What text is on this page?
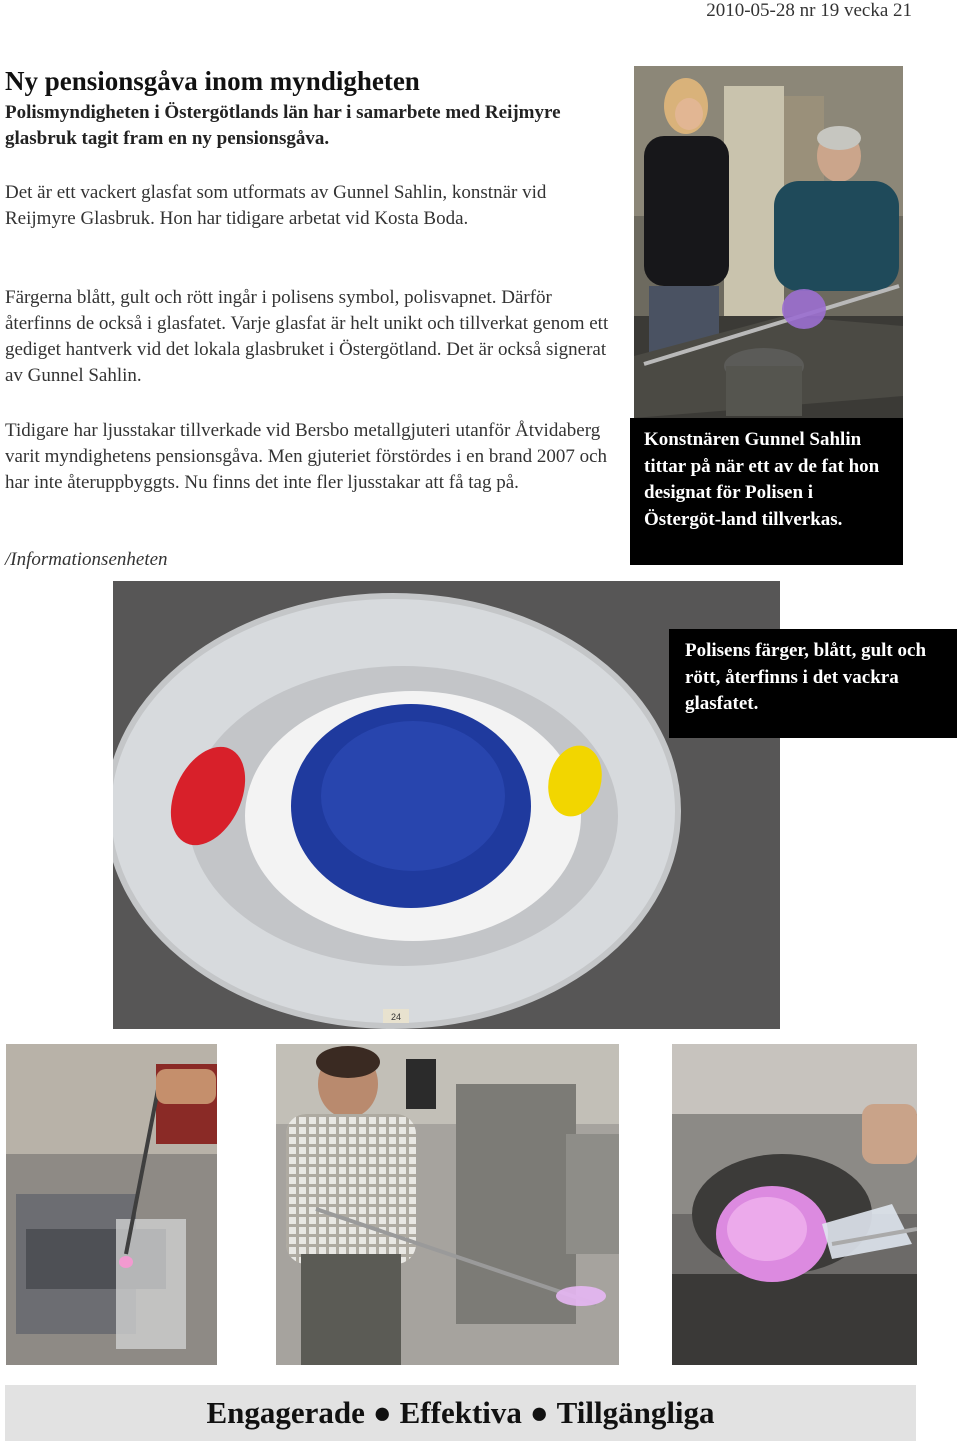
2010-05-28 nr 19 vecka 21
Ny pensionsgåva inom myndigheten
Polismyndigheten i Östergötlands län har i samarbete med Reijmyre glasbruk tagit fram en ny pensionsgåva.
Det är ett vackert glasfat som utformats av Gunnel Sahlin, konstnär vid Reijmyre Glasbruk. Hon har tidigare arbetat vid Kosta Boda.
Färgerna blått, gult och rött ingår i polisens symbol, polisvapnet. Därför återfinns de också i glasfatet. Varje glasfat är helt unikt och tillverkat genom ett gediget hantverk vid det lokala glasbruket i Östergötland. Det är också signerat av Gunnel Sahlin.
Tidigare har ljusstakar tillverkade vid Bersbo metallgjuteri utanför Åtvidaberg varit myndighetens pensionsgåva. Men gjuteriet förstördes i en brand 2007 och har inte återuppbyggts. Nu finns det inte fler ljusstakar att få tag på.
/Informationsenheten
Konstnären Gunnel Sahlin tittar på när ett av de fat hon designat för Polisen i Östergöt-land tillverkas.
24
Polisens färger, blått, gult och rött, återfinns i det vackra glasfatet.
Engagerade ● Effektiva ● Tillgängliga
